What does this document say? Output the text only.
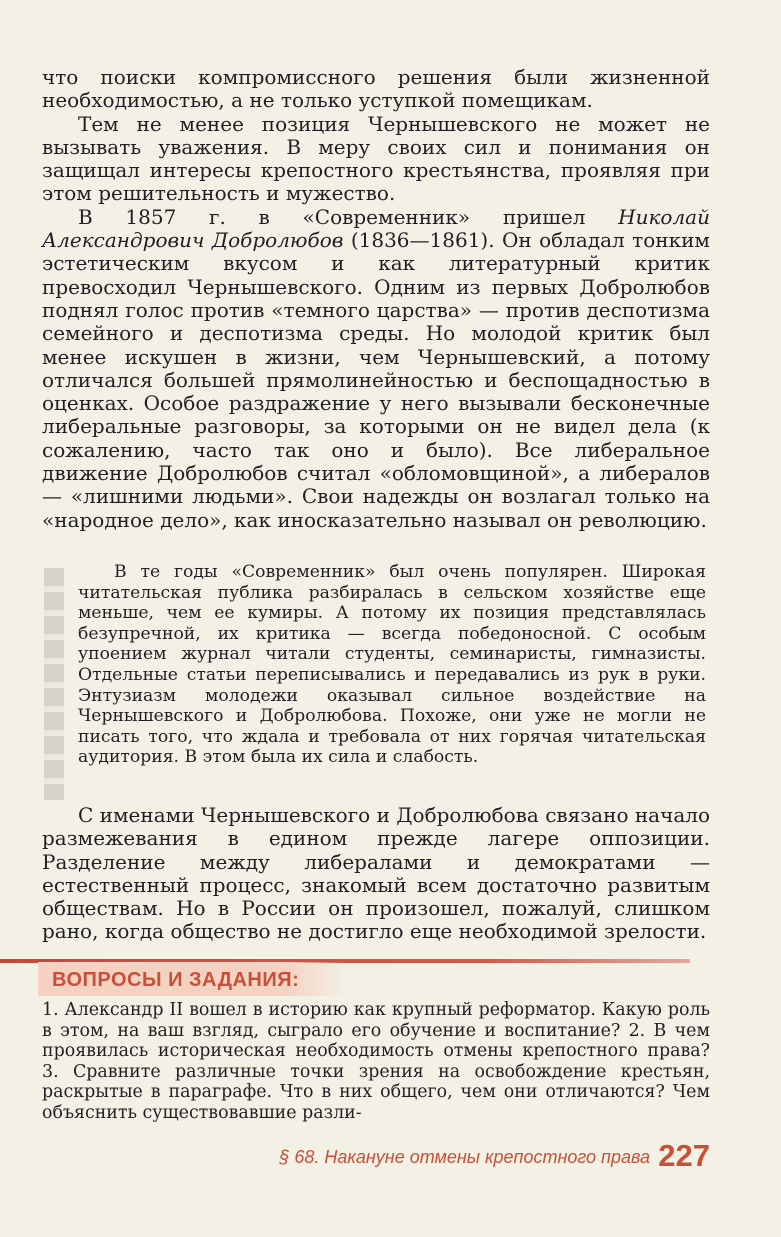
что поиски компромиссного решения были жизненной необходимостью, а не только уступкой помещикам.

Тем не менее позиция Чернышевского не может не вызывать уважения. В меру своих сил и понимания он защищал интересы крепостного крестьянства, проявляя при этом решительность и мужество.

В 1857 г. в «Современник» пришел Николай Александрович Добролюбов (1836—1861). Он обладал тонким эстетическим вкусом и как литературный критик превосходил Чернышевского. Одним из первых Добролюбов поднял голос против «темного царства» — против деспотизма семейного и деспотизма среды. Но молодой критик был менее искушен в жизни, чем Чернышевский, а потому отличался большей прямолинейностью и беспощадностью в оценках. Особое раздражение у него вызывали бесконечные либеральные разговоры, за которыми он не видел дела (к сожалению, часто так оно и было). Все либеральное движение Добролюбов считал «обломовщиной», а либералов — «лишними людьми». Свои надежды он возлагал только на «народное дело», как иносказательно называл он революцию.

В те годы «Современник» был очень популярен. Широкая читательская публика разбиралась в сельском хозяйстве еще меньше, чем ее кумиры. А потому их позиция представлялась безупречной, их критика — всегда победоносной. С особым упоением журнал читали студенты, семинаристы, гимназисты. Отдельные статьи переписывались и передавались из рук в руки. Энтузиазм молодежи оказывал сильное воздействие на Чернышевского и Добролюбова. Похоже, они уже не могли не писать того, что ждала и требовала от них горячая читательская аудитория. В этом была их сила и слабость.

С именами Чернышевского и Добролюбова связано начало размежевания в едином прежде лагере оппозиции. Разделение между либералами и демократами — естественный процесс, знакомый всем достаточно развитым обществам. Но в России он произошел, пожалуй, слишком рано, когда общество не достигло еще необходимой зрелости.

ВОПРОСЫ И ЗАДАНИЯ:

1. Александр II вошел в историю как крупный реформатор. Какую роль в этом, на ваш взгляд, сыграло его обучение и воспитание? 2. В чем проявилась историческая необходимость отмены крепостного права? 3. Сравните различные точки зрения на освобождение крестьян, раскрытые в параграфе. Что в них общего, чем они отличаются? Чем объяснить существовавшие разли-

§ 68. Накануне отмены крепостного права 227
